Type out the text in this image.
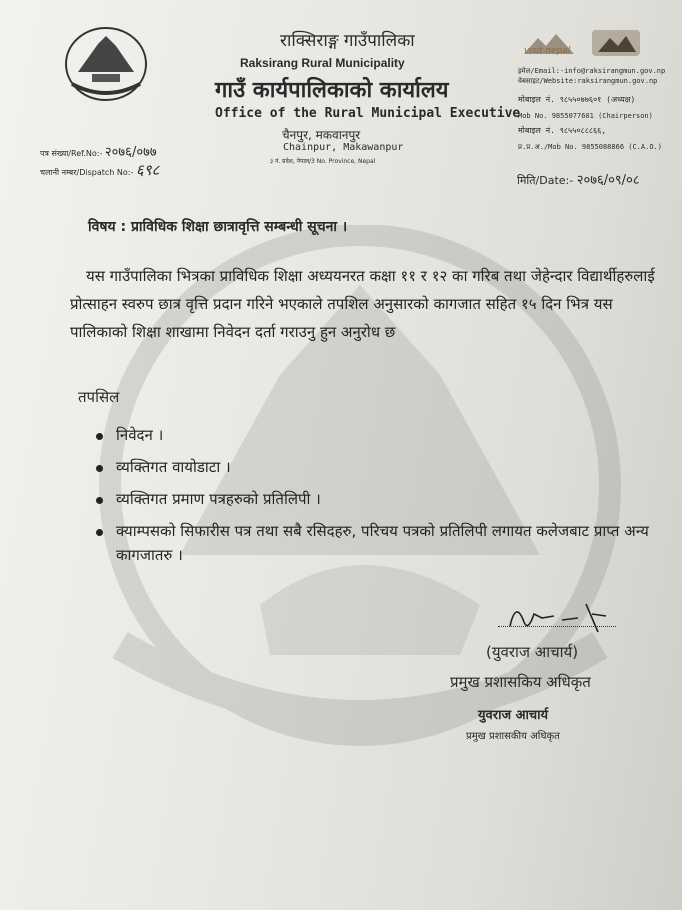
राक्सिराङ्ग गाउँपालिका
Raksirang Rural Municipality
गाउँ कार्यपालिकाको कार्यालय
Office of the Rural Municipal Executive
चैनपुर, मकवानपुर
Chainpur, Makawanpur
३ नं. प्रदेश, नेपाल/3 No. Province, Nepal
visit nepal
इमेल/Email:-info@raksirangmun.gov.np
वेबसाइट/Website:raksirangmun.gov.np
मोबाइल नं. ९८५५०७७६०१ (अध्यक्ष)
Mob No. 9855077601 (Chairperson)
मोबाइल नं. ९८५५०८८८६६,
प्र.प्र.अ./Mob No. 9855088866 (C.A.O.)
पत्र संख्या/Ref.No:- २०७६/०७७
चलानी नम्बर/Dispatch No:- ६९८
मिति/Date:- २०७६/०९/०८
विषय : प्राविधिक शिक्षा छात्रावृत्ति सम्बन्धी सूचना ।

यस गाउँपालिका भित्रका प्राविधिक शिक्षा अध्ययनरत कक्षा ११ र १२ का गरिब तथा जेहेन्दार विद्यार्थीहरुलाई प्रोत्साहन स्वरुप छात्र वृत्ति प्रदान गरिने भएकाले तपशिल अनुसारको कागजात सहित १५ दिन भित्र यस पालिकाको शिक्षा शाखामा निवेदन दर्ता गराउनु हुन अनुरोध छ

तपसिल
निवेदन ।
व्यक्तिगत वायोडाटा ।
व्यक्तिगत प्रमाण पत्रहरुको प्रतिलिपी ।
क्याम्पसको सिफारीस पत्र तथा सबै रसिदहरु, परिचय पत्रको प्रतिलिपी लगायत कलेजबाट प्राप्त अन्य कागजातरु ।
(युवराज आचार्य)
प्रमुख प्रशासकिय अधिकृत
युवराज आचार्य
प्रमुख प्रशासकीय अधिकृत
